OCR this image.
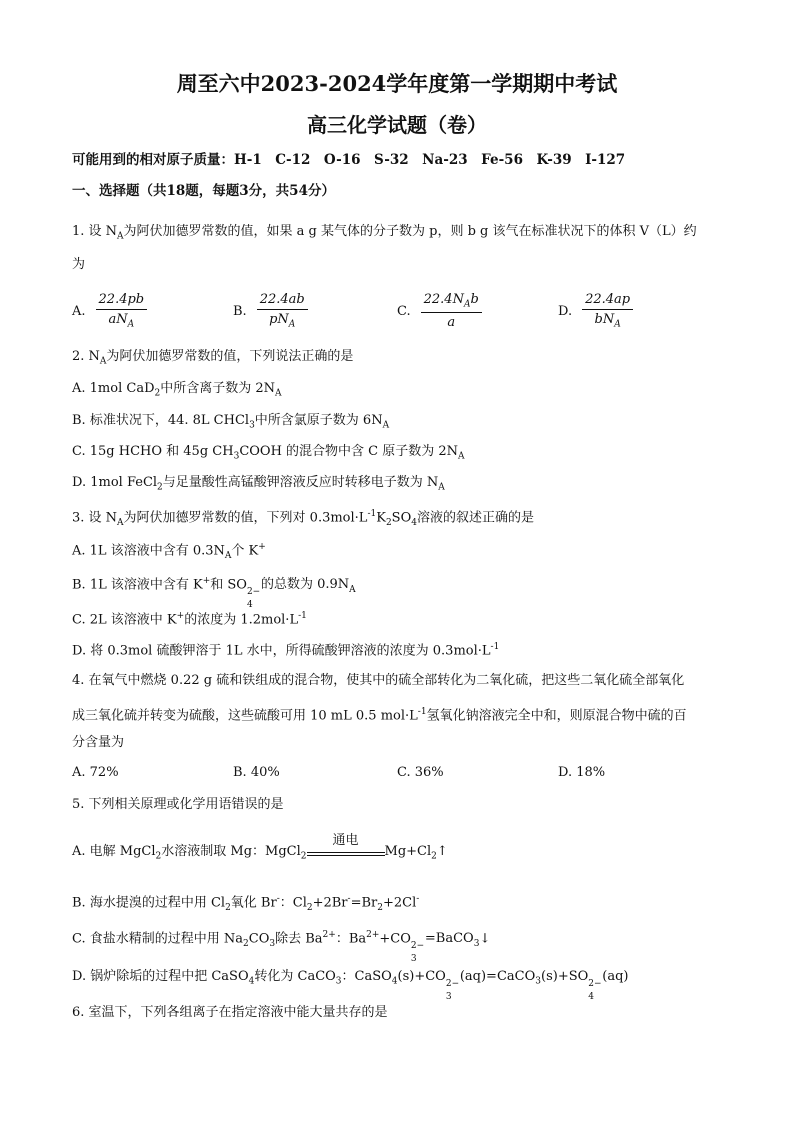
周至六中2023-2024学年度第一学期期中考试
高三化学试题（卷）
可能用到的相对原子质量：H-1　C-12　O-16　S-32　Na-23　Fe-56　K-39　I-127
一、选择题（共18题，每题3分，共54分）
1. 设 $N_A$为阿伏加德罗常数的值，如果 a g 某气体的分子数为 p，则 b g 该气在标准状况下的体积 V（L）约
为
A. $\frac{22.4pb}{aN_A}$	B. $\frac{22.4ab}{pN_A}$	C. $\frac{22.4N_Ab}{a}$	D. $\frac{22.4ap}{bN_A}$
2. $N_A$为阿伏加德罗常数的值，下列说法正确的是
A. 1mol CaD$_2$中所含离子数为 $2N_A$
B. 标准状况下，44. 8L CHCl$_3$中所含氯原子数为 $6N_A$
C. 15g HCHO 和 45g $CH_3COOH$ 的混合物中含 C 原子数为 $2N_A$
D. 1mol FeCl$_2$与足量酸性高锰酸钾溶液反应时转移电子数为 $N_A$
3. 设 $N_A$为阿伏加德罗常数的值，下列对 $0.3mol\cdot L^{-1}K_2SO_4$溶液的叙述正确的是
A. 1L 该溶液中含有 $0.3N_A$个 K+
B. 1L 该溶液中含有 K+和 SO 2−
4
的总数为 $0.9N_A$
C. 2L 该溶液中 K+的浓度为 $1.2mol\cdot L^{-1}$
D. 将 0.3mol 硫酸钾溶于 1L 水中，所得硫酸钾溶液的浓度为 $0.3mol\cdot L^{-1}$
4. 在氧气中燃烧 0.22 g 硫和铁组成的混合物，使其中的硫全部转化为二氧化硫，把这些二氧化硫全部氧化
成三氧化硫并转变为硫酸，这些硫酸可用 10 mL 0.5 $mol\cdot L^{-1}$氢氧化钠溶液完全中和，则原混合物中硫的百
分含量为
A. 72%	B. 40%	C. 36%	D. 18%
5. 下列相关原理或化学用语错误的是
A. 电解 MgCl$_2$水溶液制取 Mg：MgCl$_2$
通电
$Mg+Cl_2↑$
B. 海水提溴的过程中用 $Cl_2$氧化 Br-：$Cl_2+2Br^-=Br_2+2Cl^-$
C. 食盐水精制的过程中用 $Na_2CO_3$除去 $Ba^{2+}$：$Ba^{2+}+CO$ 2−
3
=BaCO$_3$↓
D. 锅炉除垢的过程中把 CaSO$_4$转化为 CaCO$_3$：CaSO$_4$(s)+CO 2−
3
(aq)=CaCO$_3$(s)+SO 2−
4
(aq)
6. 室温下，下列各组离子在指定溶液中能大量共存的是
